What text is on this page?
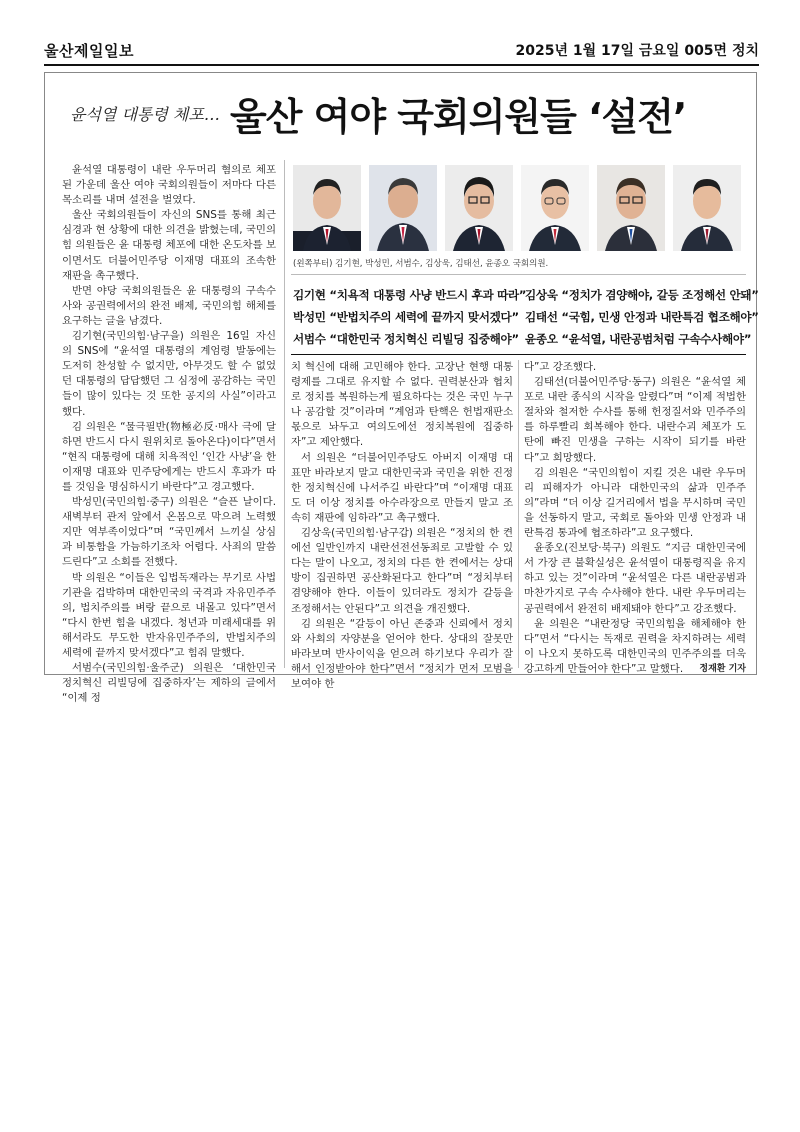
울산제일일보	2025년 1월 17일 금요일 005면 정치
윤석열 대통령 체포… 울산 여야 국회의원들 ‘설전’

윤석열 대통령이 내란 우두머리 혐의로 체포된 가운데 울산 여야 국회의원들이 저마다 다른 목소리를 내며 설전을 벌였다.

울산 국회의원들이 자신의 SNS를 통해 최근 심경과 현 상황에 대한 의견을 밝혔는데, 국민의힘 의원들은 윤 대통령 체포에 대한 온도차를 보이면서도 더불어민주당 이재명 대표의 조속한 재판을 촉구했다.

반면 야당 국회의원들은 윤 대통령의 구속수사와 공권력에서의 완전 배제, 국민의힘 해체를 요구하는 글을 남겼다.

김기현(국민의힘·남구을) 의원은 16일 자신의 SNS에 “윤석열 대통령의 계엄령 발동에는 도저히 찬성할 수 없지만, 아무것도 할 수 없었던 대통령의 답답했던 그 심정에 공감하는 국민들이 많이 있다는 것 또한 공지의 사실”이라고 했다.

김 의원은 “물극필반(物極必反·매사 극에 달하면 반드시 다시 원위치로 돌아온다)이다”면서 “현직 대통령에 대해 치욕적인 ‘인간 사냥’을 한 이재명 대표와 민주당에게는 반드시 후과가 따를 것임을 명심하시기 바란다”고 경고했다.

박성민(국민의힘·중구) 의원은 “슬픈 날이다. 새벽부터 관저 앞에서 온몸으로 막으려 노력했지만 역부족이었다”며 “국민께서 느끼실 상심과 비통함을 가늠하기조차 어렵다. 사죄의 말씀드린다”고 소회를 전했다.

박 의원은 “이들은 입법독재라는 무기로 사법기관을 겁박하며 대한민국의 국격과 자유민주주의, 법치주의를 벼랑 끝으로 내몰고 있다”면서 “다시 한번 힘을 내겠다. 청년과 미래세대를 위해서라도 무도한 반자유민주주의, 반법치주의 세력에 끝까지 맞서겠다”고 힘줘 말했다.

서범수(국민의힘·울주군) 의원은 ‘대한민국 정치혁신 리빌딩에 집중하자’는 제하의 글에서 “이제 정

(왼쪽부터) 김기현, 박성민, 서범수, 김상욱, 김태선, 윤종오 국회의원.
김기현 “치욕적 대통령 사냥 반드시 후과 따라”
박성민 “반법치주의 세력에 끝까지 맞서겠다”
서범수 “대한민국 정치혁신 리빌딩 집중해야”
김상욱 “정치가 겸양해야, 갈등 조정해선 안돼”
김태선 “국힘, 민생 안정과 내란특검 협조해야”
윤종오 “윤석열, 내란공범처럼 구속수사해야”

치 혁신에 대해 고민해야 한다. 고장난 현행 대통령제를 그대로 유지할 수 없다. 권력분산과 협치로 정치를 복원하는게 필요하다는 것은 국민 누구나 공감할 것”이라며 “계엄과 탄핵은 헌법재판소 몫으로 놔두고 여의도에선 정치복원에 집중하자”고 제안했다.

서 의원은 “더불어민주당도 아버지 이재명 대표만 바라보지 말고 대한민국과 국민을 위한 진정한 정치혁신에 나서주길 바란다”며 “이재명 대표도 더 이상 정치를 아수라장으로 만들지 말고 조속히 재판에 임하라”고 촉구했다.

김상욱(국민의힘·남구갑) 의원은 “정치의 한 켠에선 일반인까지 내란선전선동죄로 고발할 수 있다는 말이 나오고, 정치의 다른 한 켠에서는 상대방이 집권하면 공산화된다고 한다”며 “정치부터 겸양해야 한다. 이들이 있더라도 정치가 갈등을 조정해서는 안된다”고 의견을 개진했다.

김 의원은 “갈등이 아닌 존중과 신뢰에서 정치와 사회의 자양분을 얻어야 한다. 상대의 잘못만 바라보며 반사이익을 얻으려 하기보다 우리가 잘해서 인정받아야 한다”면서 “정치가 먼저 모범을 보여야 한

다”고 강조했다.

김태선(더불어민주당·동구) 의원은 “윤석열 체포로 내란 종식의 시작을 알렸다”며 “이제 적법한 절차와 철저한 수사를 통해 헌정질서와 민주주의를 하루빨리 회복해야 한다. 내란수괴 체포가 도탄에 빠진 민생을 구하는 시작이 되기를 바란다”고 희망했다.

김 의원은 “국민의힘이 지킬 것은 내란 우두머리 피해자가 아니라 대한민국의 삶과 민주주의”라며 “더 이상 길거리에서 법을 무시하며 국민을 선동하지 말고, 국회로 돌아와 민생 안정과 내란특검 통과에 협조하라”고 요구했다.

윤종오(진보당·북구) 의원도 “지금 대한민국에서 가장 큰 불확실성은 윤석열이 대통령직을 유지하고 있는 것”이라며 “윤석열은 다른 내란공범과 마찬가지로 구속 수사해야 한다. 내란 우두머리는 공권력에서 완전히 배제돼야 한다”고 강조했다.

윤 의원은 “내란정당 국민의힘을 해체해야 한다”면서 “다시는 독재로 권력을 차지하려는 세력이 나오지 못하도록 대한민국의 민주주의를 더욱 강고하게 만들어야 한다”고 말했다.	정재환 기자
